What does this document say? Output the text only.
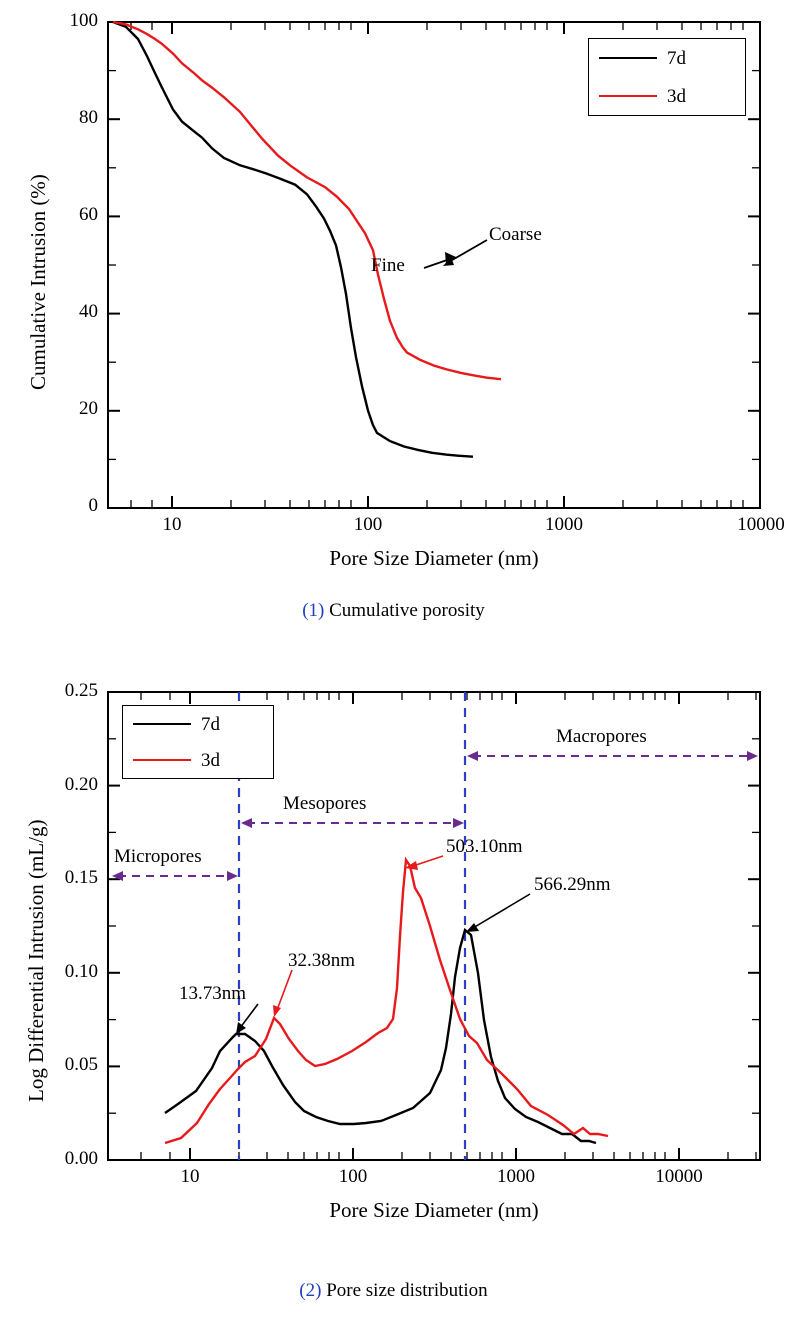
7d
3d
100
80
60
40
20
0
10	100	1000	10000
Pore Size Diameter (nm)
Cumulative Intrusion (%)	Coarse
Fine
(1) Cumulative porosity
7d
3d
0.25
0.20
0.15
0.10
0.05
0.00
10	100	1000	10000
Pore Size Diameter (nm)
Log Differential Intrusion (mL/g)	Micropores
Mesopores
Macropores
13.73nm
32.38nm
503.10nm
566.29nm
(2) Pore size distribution
